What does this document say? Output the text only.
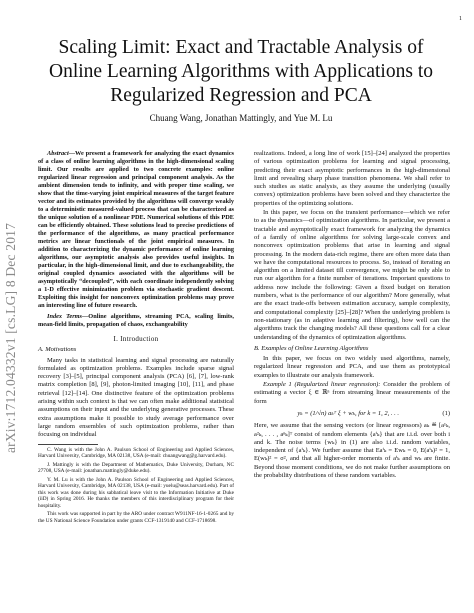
1
arXiv:1712.04332v1 [cs.LG] 8 Dec 2017
Scaling Limit: Exact and Tractable Analysis of Online Learning Algorithms with Applications to Regularized Regression and PCA
Chuang Wang, Jonathan Mattingly, and Yue M. Lu

Abstract—We present a framework for analyzing the exact dynamics of a class of online learning algorithms in the high-dimensional scaling limit. Our results are applied to two concrete examples: online regularized linear regression and principal component analysis. As the ambient dimension tends to infinity, and with proper time scaling, we show that the time-varying joint empirical measures of the target feature vector and its estimates provided by the algorithms will converge weakly to a deterministic measured-valued process that can be characterized as the unique solution of a nonlinear PDE. Numerical solutions of this PDE can be efficiently obtained. These solutions lead to precise predictions of the performance of the algorithms, as many practical performance metrics are linear functionals of the joint empirical measures. In addition to characterizing the dynamic performance of online learning algorithms, our asymptotic analysis also provides useful insights. In particular, in the high-dimensional limit, and due to exchangeability, the original coupled dynamics associated with the algorithms will be asymptotically “decoupled”, with each coordinate independently solving a 1-D effective minimization problem via stochastic gradient descent. Exploiting this insight for nonconvex optimization problems may prove an interesting line of future research.

Index Terms—Online algorithms, streaming PCA, scaling limits, mean-field limits, propagation of chaos, exchangeability

I. Introduction

A. Motivations

Many tasks in statistical learning and signal processing are naturally formulated as optimization problems. Examples include sparse signal recovery [3]–[5], principal component analysis (PCA) [6], [7], low-rank matrix completion [8], [9], photon-limited imaging [10], [11], and phase retrieval [12]–[14]. One distinctive feature of the optimization problems arising within such context is that we can often make additional statistical assumptions on their input and the underlying generative processes. These extra assumptions make it possible to study average performance over large random ensembles of such optimization problems, rather than focusing on individual

C. Wang is with the John A. Paulson School of Engineering and Applied Sciences, Harvard University, Cambridge, MA 02138, USA (e-mail: chuangwang@g.harvard.edu).

J. Mattingly is with the Department of Mathematics, Duke University, Durham, NC 27708, USA (e-mail: jonathan.mattingly@duke.edu).

Y. M. Lu is with the John A. Paulson School of Engineering and Applied Sciences, Harvard University, Cambridge, MA 02138, USA (e-mail: yuelu@seas.harvard.edu). Part of this work was done during his sabbatical leave visit to the Information Initiative at Duke (iiD) in Spring 2016. He thanks the members of this interdisciplinary program for their hospitality.

This work was supported in part by the ARO under contract W911NF-16-1-0265 and by the US National Science Foundation under grants CCF-1319140 and CCF-1718698.

realizations. Indeed, a long line of work [15]–[24] analyzed the properties of various optimization problems for learning and signal processing, predicting their exact asymptotic performances in the high-dimensional limit and revealing sharp phase transition phenomena. We shall refer to such studies as static analysis, as they assume the underlying (usually convex) optimization problems have been solved and they characterize the properties of the optimizing solutions.

In this paper, we focus on the transient performance—which we refer to as the dynamics—of optimization algorithms. In particular, we present a tractable and asymptotically exact framework for analyzing the dynamics of a family of online algorithms for solving large-scale convex and nonconvex optimization problems that arise in learning and signal processing. In the modern data-rich regime, there are often more data than we have the computational resources to process. So, instead of iterating an algorithm on a limited dataset till convergence, we might be only able to run our algorithm for a finite number of iterations. Important questions to address now include the following: Given a fixed budget on iteration numbers, what is the performance of our algorithm? More generally, what are the exact trade-offs between estimation accuracy, sample complexity, and computational complexity [25]–[28]? When the underlying problem is non-stationary (as in adaptive learning and filtering), how well can the algorithms track the changing models? All these questions call for a clear understanding of the dynamics of optimization algorithms.

B. Examples of Online Learning Algorithms

In this paper, we focus on two widely used algorithms, namely, regularized linear regression and PCA, and use them as prototypical examples to illustrate our analysis framework.

Example 1 (Regularized linear regression): Consider the problem of estimating a vector ξ ∈ ℝⁿ from streaming linear measurements of the form

yₖ = (1/√n) aₖᵀ ξ + wₖ, for k = 1, 2, . . .	(1)

Here, we assume that the sensing vectors (or linear regressors) aₖ ≝ [a¹ₖ, a²ₖ, . . . , aⁿₖ]ᵀ consist of random elements {aⁱₖ} that are i.i.d. over both i and k. The noise terms {wₖ} in (1) are also i.i.d. random variables, independent of {aⁱₖ}. We further assume that Eaⁱₖ = Ewₖ = 0, E(aⁱₖ)² = 1, E(wₖ)² = σ², and that all higher-order moments of aⁱₖ and wₖ are finite. Beyond those moment conditions, we do not make further assumptions on the probability distributions of these random variables.
